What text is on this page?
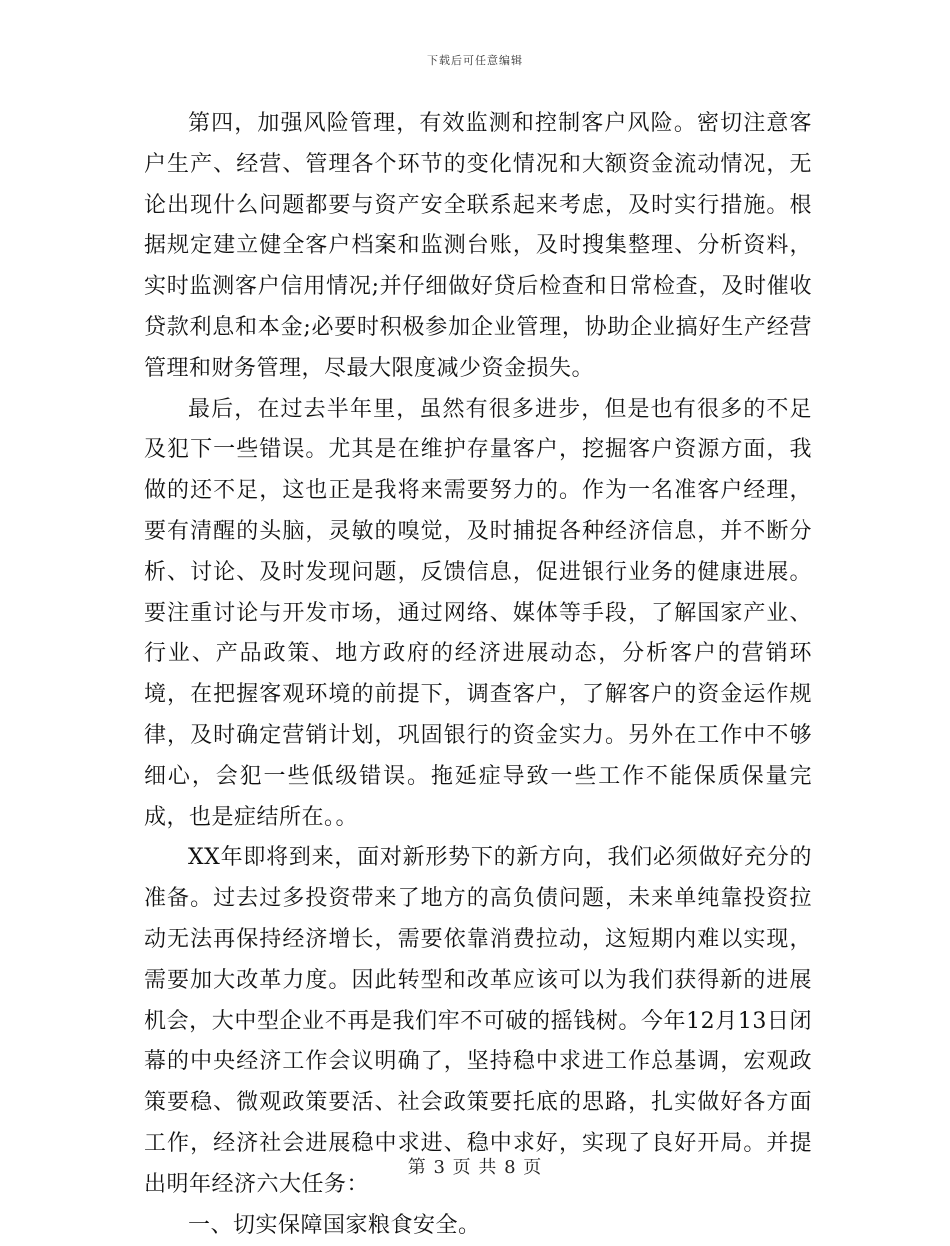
下载后可任意编辑

第四，加强风险管理，有效监测和控制客户风险。密切注意客户生产、经营、管理各个环节的变化情况和大额资金流动情况，无论出现什么问题都要与资产安全联系起来考虑，及时实行措施。根据规定建立健全客户档案和监测台账，及时搜集整理、分析资料，实时监测客户信用情况;并仔细做好贷后检查和日常检查，及时催收贷款利息和本金;必要时积极参加企业管理，协助企业搞好生产经营管理和财务管理，尽最大限度减少资金损失。

最后，在过去半年里，虽然有很多进步，但是也有很多的不足及犯下一些错误。尤其是在维护存量客户，挖掘客户资源方面，我做的还不足，这也正是我将来需要努力的。作为一名准客户经理，要有清醒的头脑，灵敏的嗅觉，及时捕捉各种经济信息，并不断分析、讨论、及时发现问题，反馈信息，促进银行业务的健康进展。要注重讨论与开发市场，通过网络、媒体等手段，了解国家产业、行业、产品政策、地方政府的经济进展动态，分析客户的营销环境，在把握客观环境的前提下，调查客户，了解客户的资金运作规律，及时确定营销计划，巩固银行的资金实力。另外在工作中不够细心，会犯一些低级错误。拖延症导致一些工作不能保质保量完成，也是症结所在。。

XX年即将到来，面对新形势下的新方向，我们必须做好充分的准备。过去过多投资带来了地方的高负债问题，未来单纯靠投资拉动无法再保持经济增长，需要依靠消费拉动，这短期内难以实现，需要加大改革力度。因此转型和改革应该可以为我们获得新的进展机会，大中型企业不再是我们牢不可破的摇钱树。今年12月13日闭幕的中央经济工作会议明确了，坚持稳中求进工作总基调，宏观政策要稳、微观政策要活、社会政策要托底的思路，扎实做好各方面工作，经济社会进展稳中求进、稳中求好，实现了良好开局。并提出明年经济六大任务：

一、切实保障国家粮食安全。

第 3 页 共 8 页
